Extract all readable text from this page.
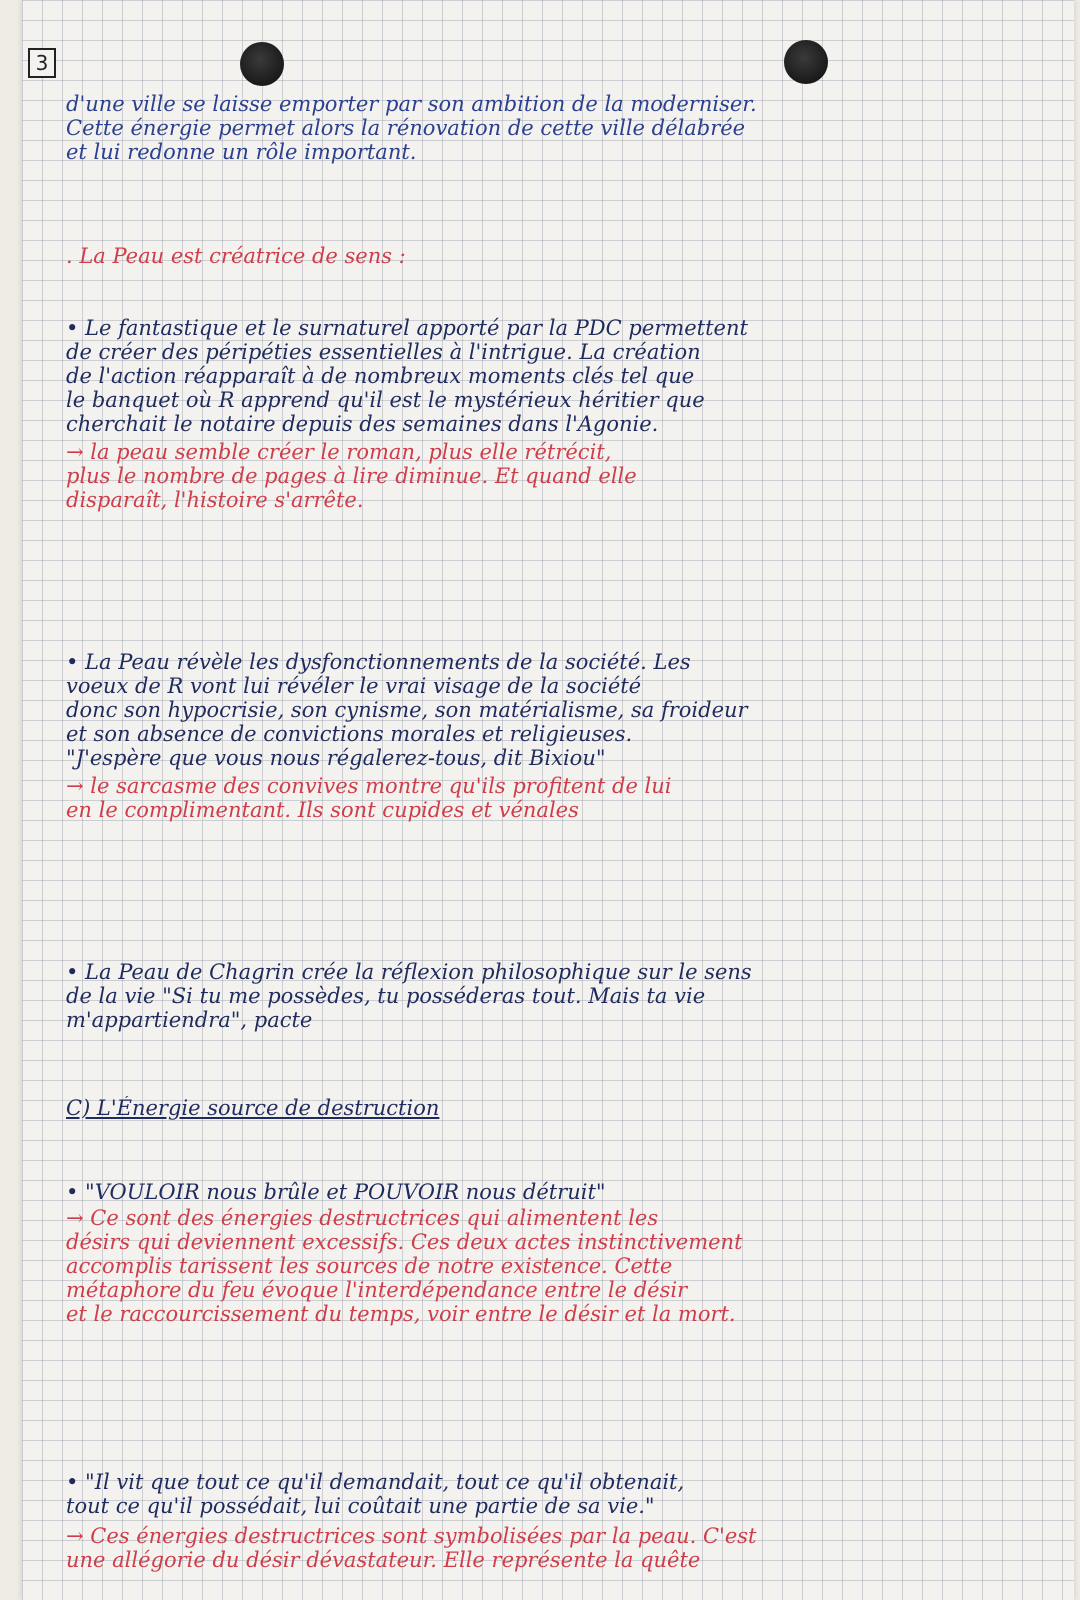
3
d'une ville se laisse emporter par son ambition de la moderniser.
Cette énergie permet alors la rénovation de cette ville délabrée
et lui redonne un rôle important.
. La Peau est créatrice de sens :
• Le fantastique et le surnaturel apporté par la PDC permettent
de créer des péripéties essentielles à l'intrigue. La création
de l'action réapparaît à de nombreux moments clés tel que
le banquet où R apprend qu'il est le mystérieux héritier que
cherchait le notaire depuis des semaines dans l'Agonie.
→ la peau semble créer le roman, plus elle rétrécit,
plus le nombre de pages à lire diminue. Et quand elle
disparaît, l'histoire s'arrête.
• La Peau révèle les dysfonctionnements de la société. Les
voeux de R vont lui révéler le vrai visage de la société
donc son hypocrisie, son cynisme, son matérialisme, sa froideur
et son absence de convictions morales et religieuses.
"J'espère que vous nous régalerez-tous, dit Bixiou"
→ le sarcasme des convives montre qu'ils profitent de lui
en le complimentant. Ils sont cupides et vénales
• La Peau de Chagrin crée la réflexion philosophique sur le sens
de la vie "Si tu me possèdes, tu posséderas tout. Mais ta vie
m'appartiendra", pacte
C) L'Énergie source de destruction
• "VOULOIR nous brûle et POUVOIR nous détruit"
→ Ce sont des énergies destructrices qui alimentent les
désirs qui deviennent excessifs. Ces deux actes instinctivement
accomplis tarissent les sources de notre existence. Cette
métaphore du feu évoque l'interdépendance entre le désir
et le raccourcissement du temps, voir entre le désir et la mort.
• "Il vit que tout ce qu'il demandait, tout ce qu'il obtenait,
tout ce qu'il possédait, lui coûtait une partie de sa vie."
→ Ces énergies destructrices sont symbolisées par la peau. C'est
une allégorie du désir dévastateur. Elle représente la quête
